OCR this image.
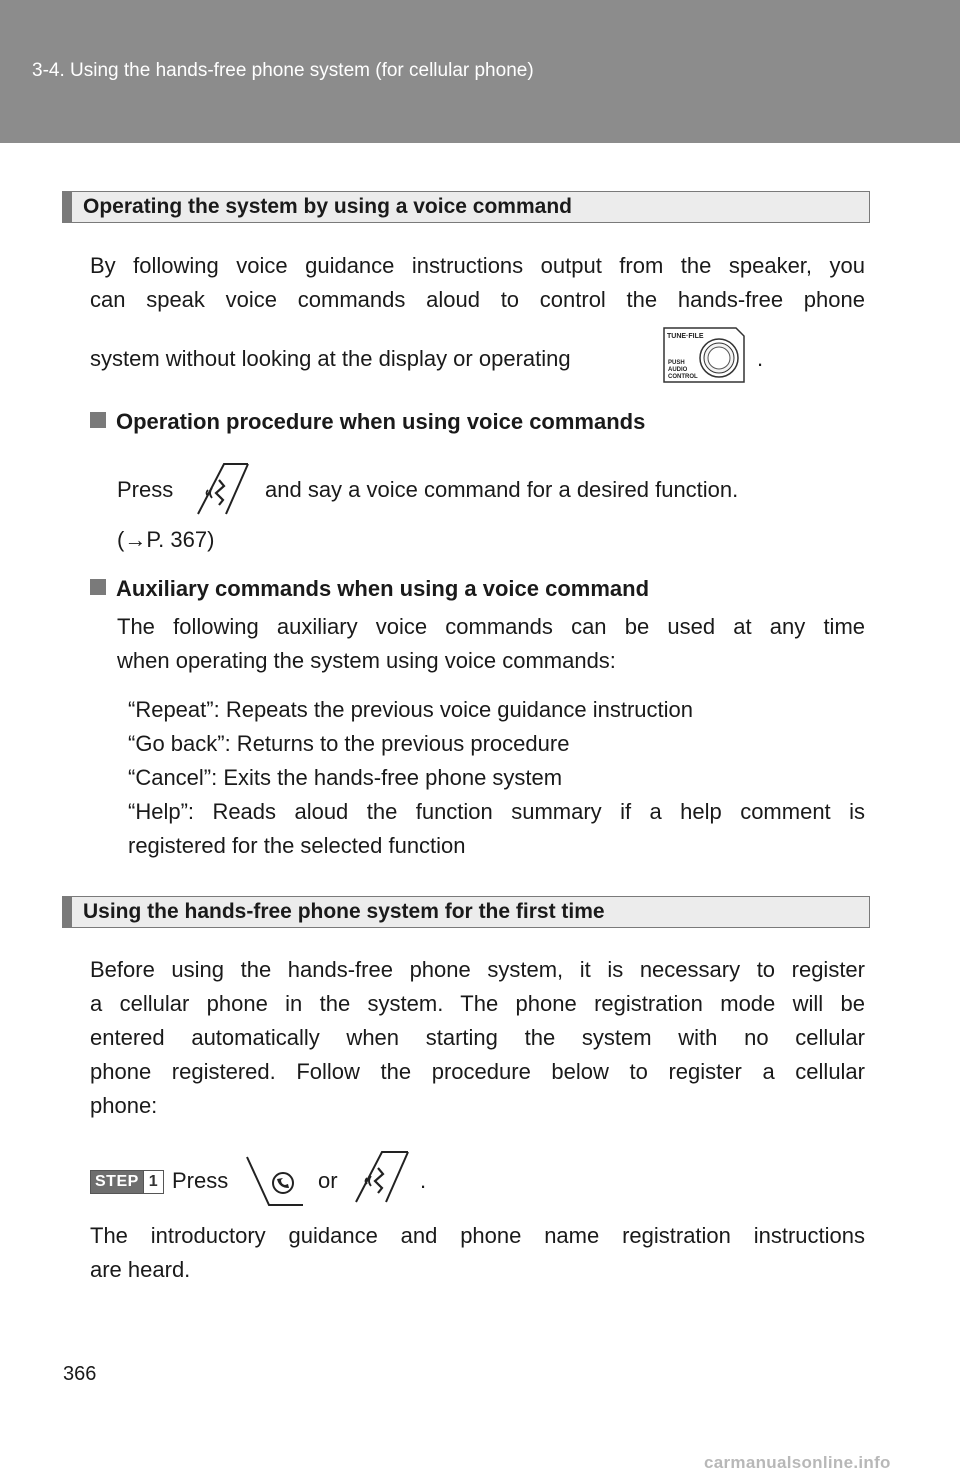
3-4. Using the hands-free phone system (for cellular phone)
Operating the system by using a voice command
By following voice guidance instructions output from the speaker, you
can speak voice commands aloud to control the hands-free phone
system without looking at the display or operating
TUNE·FILE
PUSH
AUDIO
CONTROL
.
Operation procedure when using voice commands
Press	and say a voice command for a desired function.
(→P. 367)
Auxiliary commands when using a voice command
The following auxiliary voice commands can be used at any time
when operating the system using voice commands:
“Repeat”: Repeats the previous voice guidance instruction
“Go back”: Returns to the previous procedure
“Cancel”: Exits the hands-free phone system
“Help”: Reads aloud the function summary if a help comment is
registered for the selected function
Using the hands-free phone system for the first time
Before using the hands-free phone system, it is necessary to register
a cellular phone in the system. The phone registration mode will be
entered automatically when starting the system with no cellular
phone registered. Follow the procedure below to register a cellular
phone:
STEP 1 Press	or	.
The introductory guidance and phone name registration instructions
are heard.
366
carmanualsonline.info
